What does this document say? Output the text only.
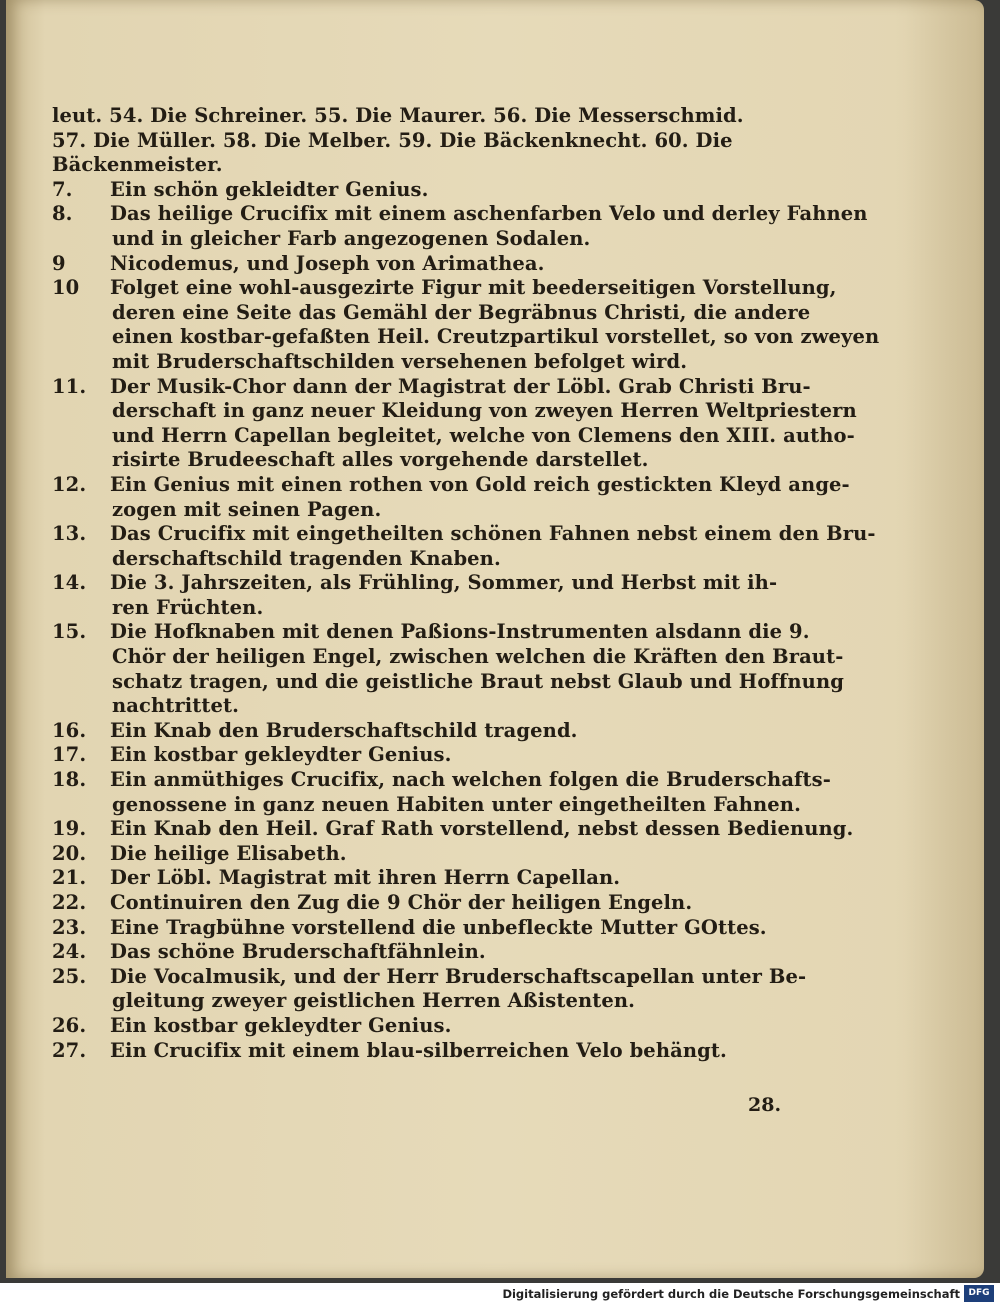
leut. 54. Die Schreiner. 55. Die Maurer. 56. Die Messerschmid.
57. Die Müller. 58. Die Melber. 59. Die Bäckenknecht. 60. Die
Bäckenmeister.
7.	Ein schön gekleidter Genius.
8.	Das heilige Crucifix mit einem aschenfarben Velo und derley Fahnen
und in gleicher Farb angezogenen Sodalen.
9	Nicodemus, und Joseph von Arimathea.
10	Folget eine wohl-ausgezirte Figur mit beederseitigen Vorstellung,
deren eine Seite das Gemähl der Begräbnus Christi, die andere
einen kostbar-gefaßten Heil. Creutzpartikul vorstellet, so von zweyen
mit Bruderschaftschilden versehenen befolget wird.
11.	Der Musik-Chor dann der Magistrat der Löbl. Grab Christi Bru-
derschaft in ganz neuer Kleidung von zweyen Herren Weltpriestern
und Herrn Capellan begleitet, welche von Clemens den XIII. autho-
risirte Brudeeschaft alles vorgehende darstellet.
12.	Ein Genius mit einen rothen von Gold reich gestickten Kleyd ange-
zogen mit seinen Pagen.
13.	Das Crucifix mit eingetheilten schönen Fahnen nebst einem den Bru-
derschaftschild tragenden Knaben.
14.	Die 3. Jahrszeiten, als Frühling, Sommer, und Herbst mit ih-
ren Früchten.
15.	Die Hofknaben mit denen Paßions-Instrumenten alsdann die 9.
Chör der heiligen Engel, zwischen welchen die Kräften den Braut-
schatz tragen, und die geistliche Braut nebst Glaub und Hoffnung
nachtrittet.
16.	Ein Knab den Bruderschaftschild tragend.
17.	Ein kostbar gekleydter Genius.
18.	Ein anmüthiges Crucifix, nach welchen folgen die Bruderschafts-
genossene in ganz neuen Habiten unter eingetheilten Fahnen.
19.	Ein Knab den Heil. Graf Rath vorstellend, nebst dessen Bedienung.
20.	Die heilige Elisabeth.
21.	Der Löbl. Magistrat mit ihren Herrn Capellan.
22.	Continuiren den Zug die 9 Chör der heiligen Engeln.
23.	Eine Tragbühne vorstellend die unbefleckte Mutter GOttes.
24.	Das schöne Bruderschaftfähnlein.
25.	Die Vocalmusik, und der Herr Bruderschaftscapellan unter Be-
gleitung zweyer geistlichen Herren Aßistenten.
26.	Ein kostbar gekleydter Genius.
27.	Ein Crucifix mit einem blau-silberreichen Velo behängt.
28.
Digitalisierung gefördert durch die Deutsche Forschungsgemeinschaft DFG
